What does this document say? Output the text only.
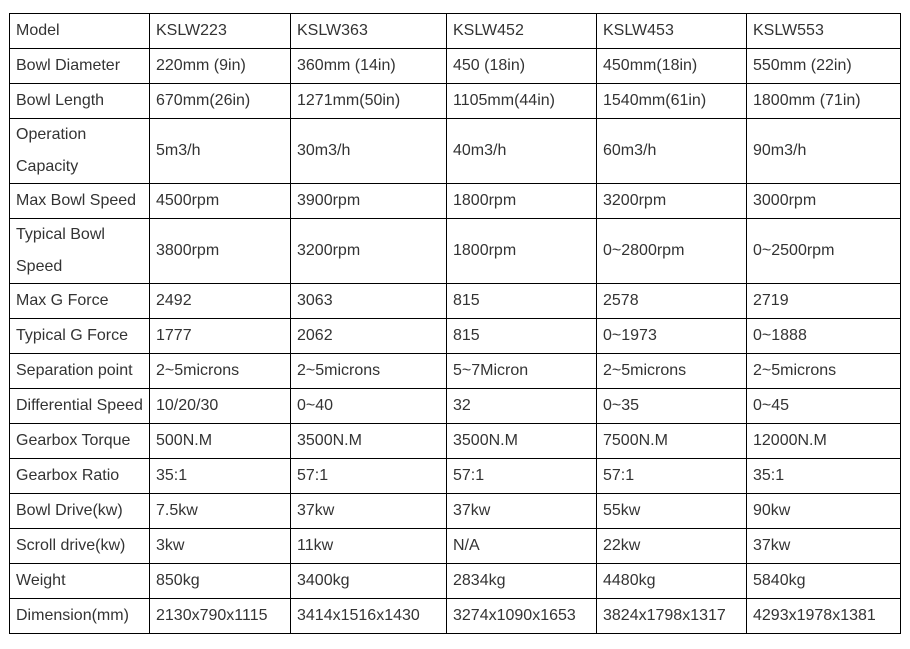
Model	KSLW223	KSLW363	KSLW452	KSLW453	KSLW553
Bowl Diameter	220mm (9in)	360mm (14in)	450 (18in)	450mm(18in)	550mm (22in)
Bowl Length	670mm(26in)	1271mm(50in)	1105mm(44in)	1540mm(61in)	1800mm (71in)
Operation Capacity	5m3/h	30m3/h	40m3/h	60m3/h	90m3/h
Max Bowl Speed	4500rpm	3900rpm	1800rpm	3200rpm	3000rpm
Typical Bowl Speed	3800rpm	3200rpm	1800rpm	0~2800rpm	0~2500rpm
Max G Force	2492	3063	815	2578	2719
Typical G Force	1777	2062	815	0~1973	0~1888
Separation point	2~5microns	2~5microns	5~7Micron	2~5microns	2~5microns
Differential Speed	10/20/30	0~40	32	0~35	0~45
Gearbox Torque	500N.M	3500N.M	3500N.M	7500N.M	12000N.M
Gearbox Ratio	35:1	57:1	57:1	57:1	35:1
Bowl Drive(kw)	7.5kw	37kw	37kw	55kw	90kw
Scroll drive(kw)	3kw	11kw	N/A	22kw	37kw
Weight	850kg	3400kg	2834kg	4480kg	5840kg
Dimension(mm)	2130x790x1115	3414x1516x1430	3274x1090x1653	3824x1798x1317	4293x1978x1381
